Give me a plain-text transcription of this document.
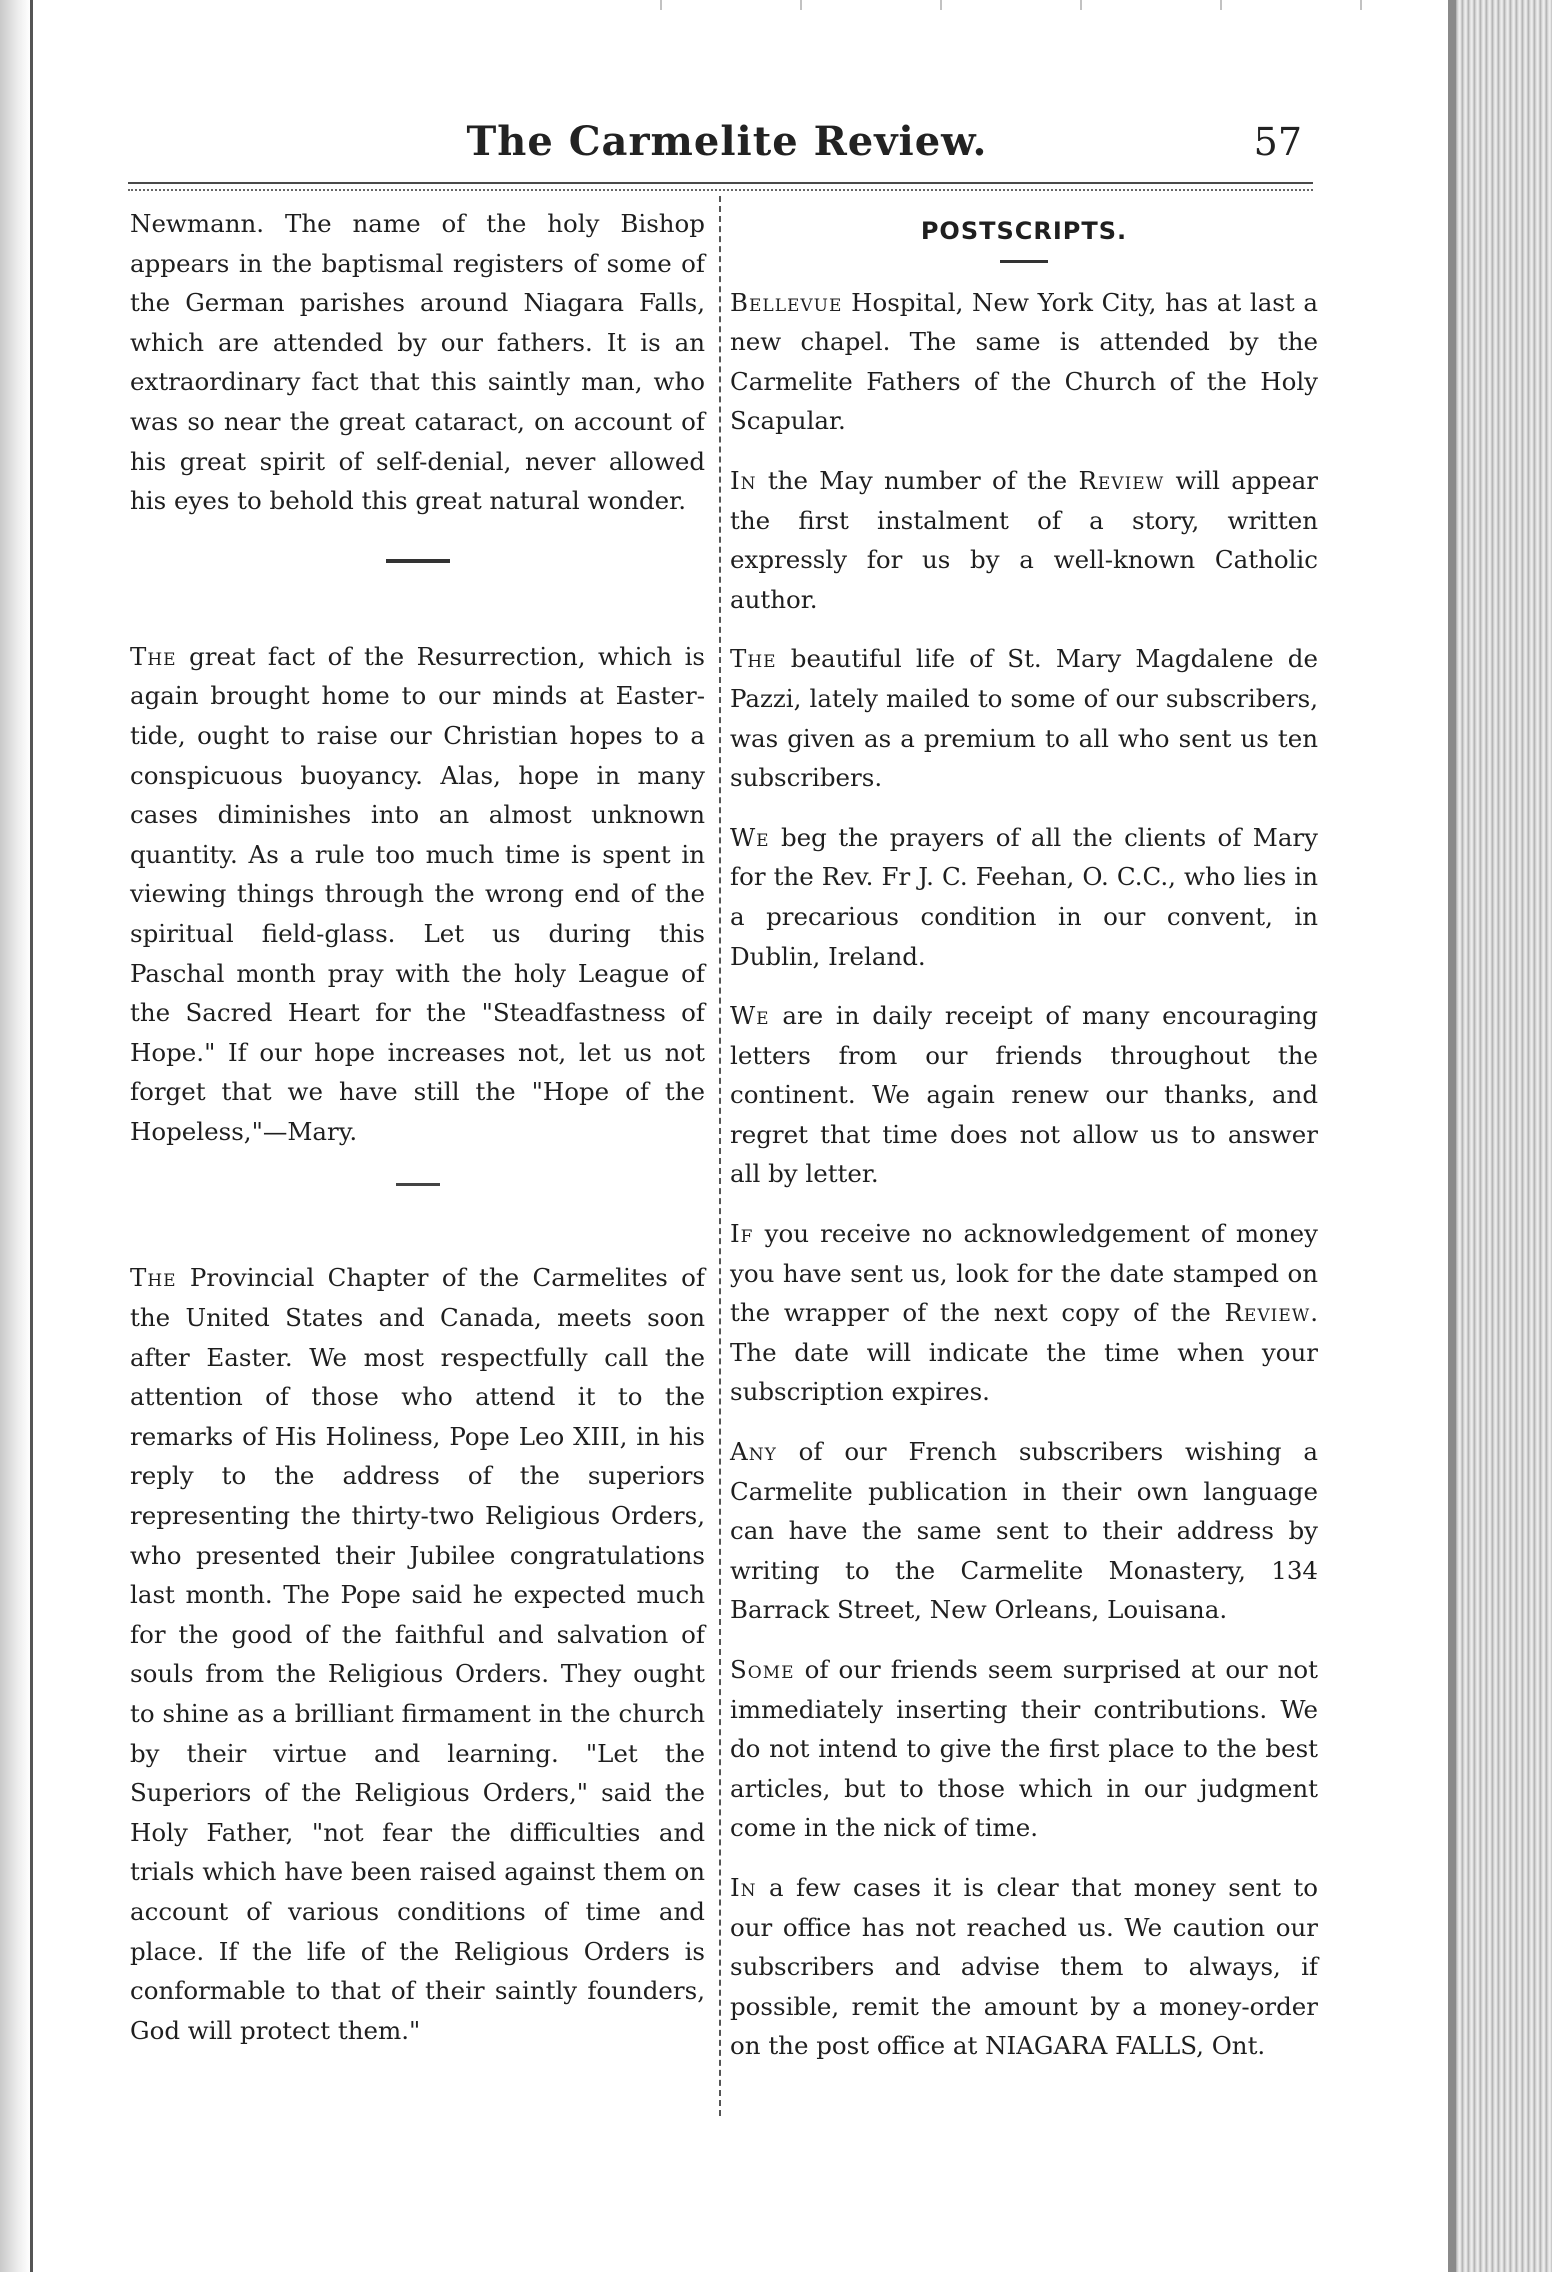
The Carmelite Review.	57

Newmann. The name of the holy Bishop appears in the baptismal registers of some of the German parishes around Niagara Falls, which are attended by our fathers. It is an extraordinary fact that this saintly man, who was so near the great cataract, on account of his great spirit of self-denial, never allowed his eyes to behold this great natural wonder.

The great fact of the Resurrection, which is again brought home to our minds at Easter-tide, ought to raise our Christian hopes to a conspicuous buoyancy. Alas, hope in many cases diminishes into an almost unknown quantity. As a rule too much time is spent in viewing things through the wrong end of the spiritual field-glass. Let us during this Paschal month pray with the holy League of the Sacred Heart for the "Steadfastness of Hope." If our hope increases not, let us not forget that we have still the "Hope of the Hopeless,"—Mary.

The Provincial Chapter of the Carmelites of the United States and Canada, meets soon after Easter. We most respectfully call the attention of those who attend it to the remarks of His Holiness, Pope Leo XIII, in his reply to the address of the superiors representing the thirty-two Religious Orders, who presented their Jubilee congratulations last month. The Pope said he expected much for the good of the faithful and salvation of souls from the Religious Orders. They ought to shine as a brilliant firmament in the church by their virtue and learning. "Let the Superiors of the Religious Orders," said the Holy Father, "not fear the difficulties and trials which have been raised against them on account of various conditions of time and place. If the life of the Religious Orders is conformable to that of their saintly founders, God will protect them."

POSTSCRIPTS.

Bellevue Hospital, New York City, has at last a new chapel. The same is attended by the Carmelite Fathers of the Church of the Holy Scapular.

In the May number of the Review will appear the first instalment of a story, written expressly for us by a well-known Catholic author.

The beautiful life of St. Mary Magdalene de Pazzi, lately mailed to some of our subscribers, was given as a premium to all who sent us ten subscribers.

We beg the prayers of all the clients of Mary for the Rev. Fr J. C. Feehan, O. C.C., who lies in a precarious condition in our convent, in Dublin, Ireland.

We are in daily receipt of many encouraging letters from our friends throughout the continent. We again renew our thanks, and regret that time does not allow us to answer all by letter.

If you receive no acknowledgement of money you have sent us, look for the date stamped on the wrapper of the next copy of the Review. The date will indicate the time when your subscription expires.

Any of our French subscribers wishing a Carmelite publication in their own language can have the same sent to their address by writing to the Carmelite Monastery, 134 Barrack Street, New Orleans, Louisana.

Some of our friends seem surprised at our not immediately inserting their contributions. We do not intend to give the first place to the best articles, but to those which in our judgment come in the nick of time.

In a few cases it is clear that money sent to our office has not reached us. We caution our subscribers and advise them to always, if possible, remit the amount by a money-order on the post office at NIAGARA FALLS, Ont.
